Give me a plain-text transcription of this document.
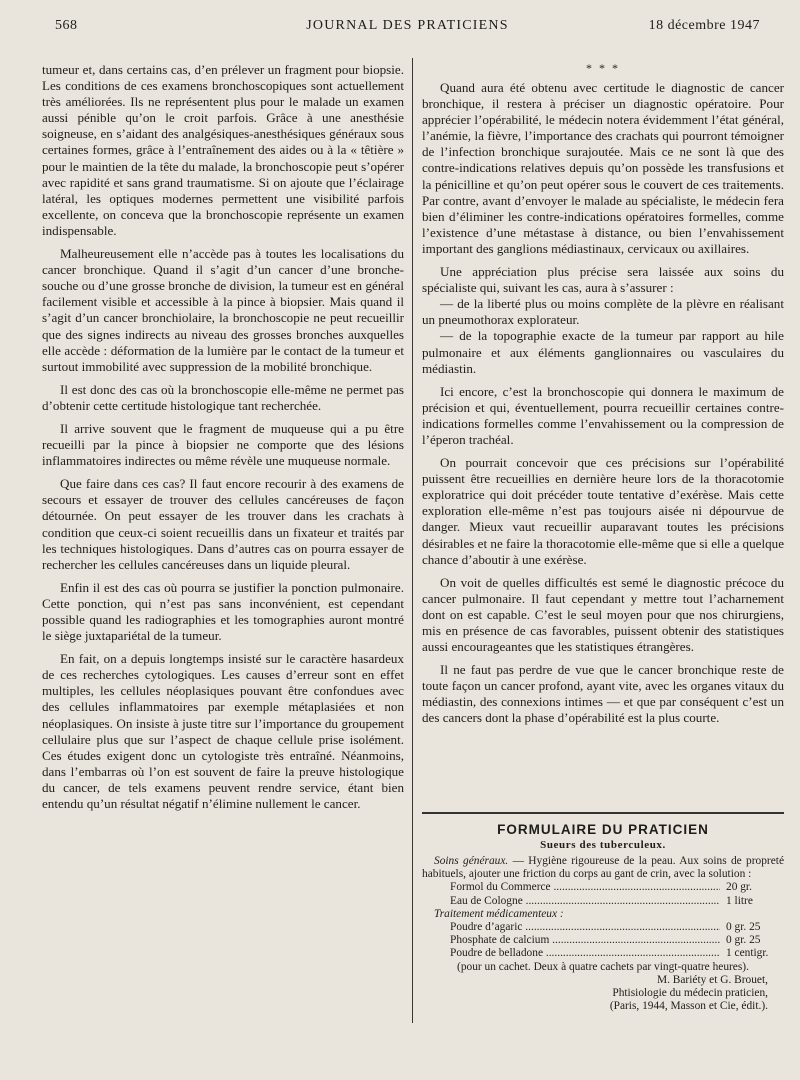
568	JOURNAL DES PRATICIENS	18 décembre 1947

tumeur et, dans certains cas, d’en prélever un fragment pour biopsie. Les conditions de ces examens bronchoscopiques sont actuellement très améliorées. Ils ne représentent plus pour le malade un examen aussi pénible qu’on le croit parfois. Grâce à une anesthésie soigneuse, en s’aidant des analgésiques-anesthésiques généraux sous certaines formes, grâce à l’entraînement des aides ou à la « têtière » pour le maintien de la tête du malade, la bronchoscopie peut s’opérer avec rapidité et sans grand traumatisme. Si on ajoute que l’éclairage latéral, les optiques modernes permettent une visibilité parfois excellente, on conceva que la bronchoscopie représente un examen indispensable.

Malheureusement elle n’accède pas à toutes les localisations du cancer bronchique. Quand il s’agit d’un cancer d’une bronche-souche ou d’une grosse bronche de division, la tumeur est en général facilement visible et accessible à la pince à biopsier. Mais quand il s’agit d’un cancer bronchiolaire, la bronchoscopie ne peut recueillir que des signes indirects au niveau des grosses bronches auxquelles elle accède : déformation de la lumière par le contact de la tumeur et surtout immobilité avec suppression de la mobilité bronchique.

Il est donc des cas où la bronchoscopie elle-même ne permet pas d’obtenir cette certitude histologique tant recherchée.

Il arrive souvent que le fragment de muqueuse qui a pu être recueilli par la pince à biopsier ne comporte que des lésions inflammatoires indirectes ou même révèle une muqueuse normale.

Que faire dans ces cas? Il faut encore recourir à des examens de secours et essayer de trouver des cellules cancéreuses de façon détournée. On peut essayer de les trouver dans les crachats à condition que ceux-ci soient recueillis dans un fixateur et traités par les techniques histologiques. Dans d’autres cas on pourra essayer de rechercher les cellules cancéreuses dans un liquide pleural.

Enfin il est des cas où pourra se justifier la ponction pulmonaire. Cette ponction, qui n’est pas sans inconvénient, est cependant possible quand les radiographies et les tomographies auront montré le siège juxtapariétal de la tumeur.

En fait, on a depuis longtemps insisté sur le caractère hasardeux de ces recherches cytologiques. Les causes d’erreur sont en effet multiples, les cellules néoplasiques pouvant être confondues avec des cellules inflammatoires par exemple métaplasiées et non néoplasiques. On insiste à juste titre sur l’importance du groupement cellulaire plus que sur l’aspect de chaque cellule prise isolément. Ces études exigent donc un cytologiste très entraîné. Néanmoins, dans l’embarras où l’on est souvent de faire la preuve histologique du cancer, de tels examens peuvent rendre service, étant bien entendu qu’un résultat négatif n’élimine nullement le cancer.

* * *

Quand aura été obtenu avec certitude le diagnostic de cancer bronchique, il restera à préciser un diagnostic opératoire. Pour apprécier l’opérabilité, le médecin notera évidemment l’état général, l’anémie, la fièvre, l’importance des crachats qui pourront témoigner de l’infection bronchique surajoutée. Mais ce ne sont là que des contre-indications relatives depuis qu’on possède les transfusions et la pénicilline et qu’on peut opérer sous le couvert de ces traitements. Par contre, avant d’envoyer le malade au spécialiste, le médecin fera bien d’éliminer les contre-indications opératoires formelles, comme l’existence d’une métastase à distance, ou bien l’envahissement important des ganglions médiastinaux, cervicaux ou axillaires.

Une appréciation plus précise sera laissée aux soins du spécialiste qui, suivant les cas, aura à s’assurer :

— de la liberté plus ou moins complète de la plèvre en réalisant un pneumothorax explorateur.

— de la topographie exacte de la tumeur par rapport au hile pulmonaire et aux éléments ganglionnaires ou vasculaires du médiastin.

Ici encore, c’est la bronchoscopie qui donnera le maximum de précision et qui, éventuellement, pourra recueillir certaines contre-indications formelles comme l’envahissement ou la compression de l’éperon trachéal.

On pourrait concevoir que ces précisions sur l’opérabilité puissent être recueillies en dernière heure lors de la thoracotomie exploratrice qui doit précéder toute tentative d’exérèse. Mais cette exploration elle-même n’est pas toujours aisée ni dépourvue de danger. Mieux vaut recueillir auparavant toutes les précisions désirables et ne faire la thoracotomie elle-même que si elle a quelque chance d’aboutir à une exérèse.

On voit de quelles difficultés est semé le diagnostic précoce du cancer pulmonaire. Il faut cependant y mettre tout l’acharnement dont on est capable. C’est le seul moyen pour que nos chirurgiens, mis en présence de cas favorables, puissent obtenir des statistiques aussi encourageantes que les statistiques étrangères.

Il ne faut pas perdre de vue que le cancer bronchique reste de toute façon un cancer profond, ayant vite, avec les organes vitaux du médiastin, des connexions intimes — et que par conséquent c’est un des cancers dont la phase d’opérabilité est la plus courte.

FORMULAIRE DU PRATICIEN
Sueurs des tuberculeux.

Soins généraux. — Hygiène rigoureuse de la peau. Aux soins de propreté habituels, ajouter une friction du corps au gant de crin, avec la solution :

Formol du Commerce .....	20 gr.
Eau de Cologne .....	1 litre
Traitement médicamenteux :
Poudre d’agaric .....	0 gr. 25
Phosphate de calcium .....	0 gr. 25
Poudre de belladone .....	1 centigr.
(pour un cachet. Deux à quatre cachets par vingt-quatre heures).
M. Bariéty et G. Brouet,
Phtisiologie du médecin praticien,
(Paris, 1944, Masson et Cie, édit.).
